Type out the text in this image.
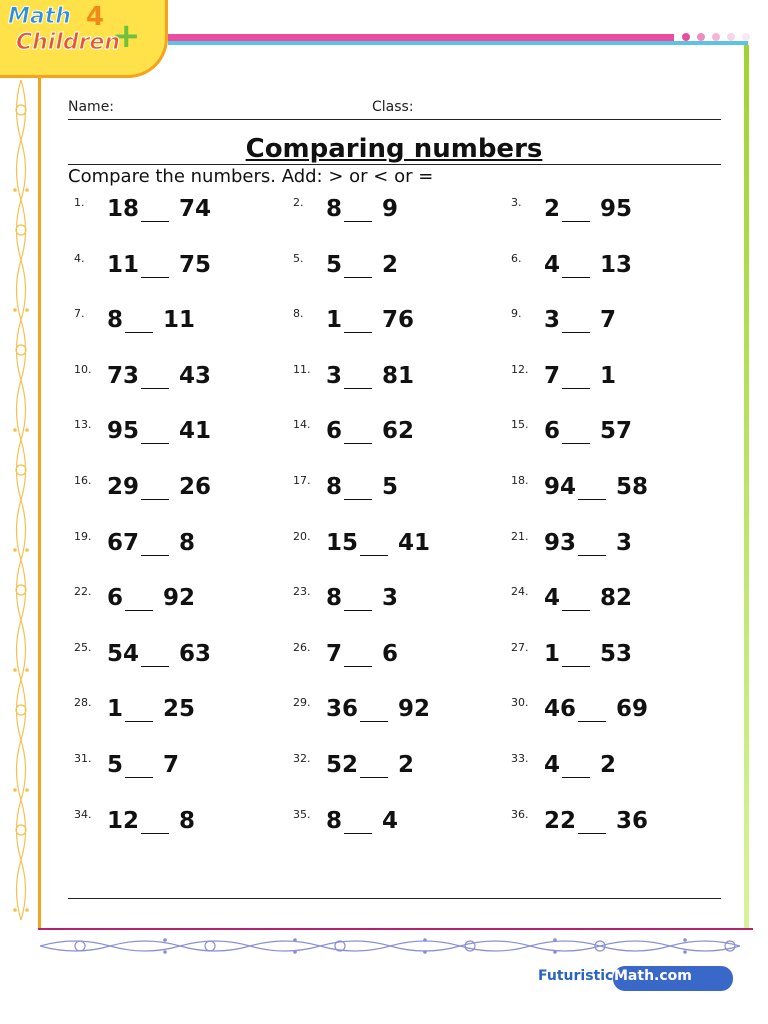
Math 4 +
Children
Name:	Class:
Comparing numbers
Compare the numbers. Add: > or < or =
1. 18 74	2. 8 9	3. 2 95
4. 11 75	5. 5 2	6. 4 13
7. 8 11	8. 1 76	9. 3 7
10. 73 43	11. 3 81	12. 7 1
13. 95 41	14. 6 62	15. 6 57
16. 29 26	17. 8 5	18. 94 58
19. 67 8	20. 15 41	21. 93 3
22. 6 92	23. 8 3	24. 4 82
25. 54 63	26. 7 6	27. 1 53
28. 1 25	29. 36 92	30. 46 69
31. 5 7	32. 52 2	33. 4 2
34. 12 8	35. 8 4	36. 22 36
Futuristic Math.com
